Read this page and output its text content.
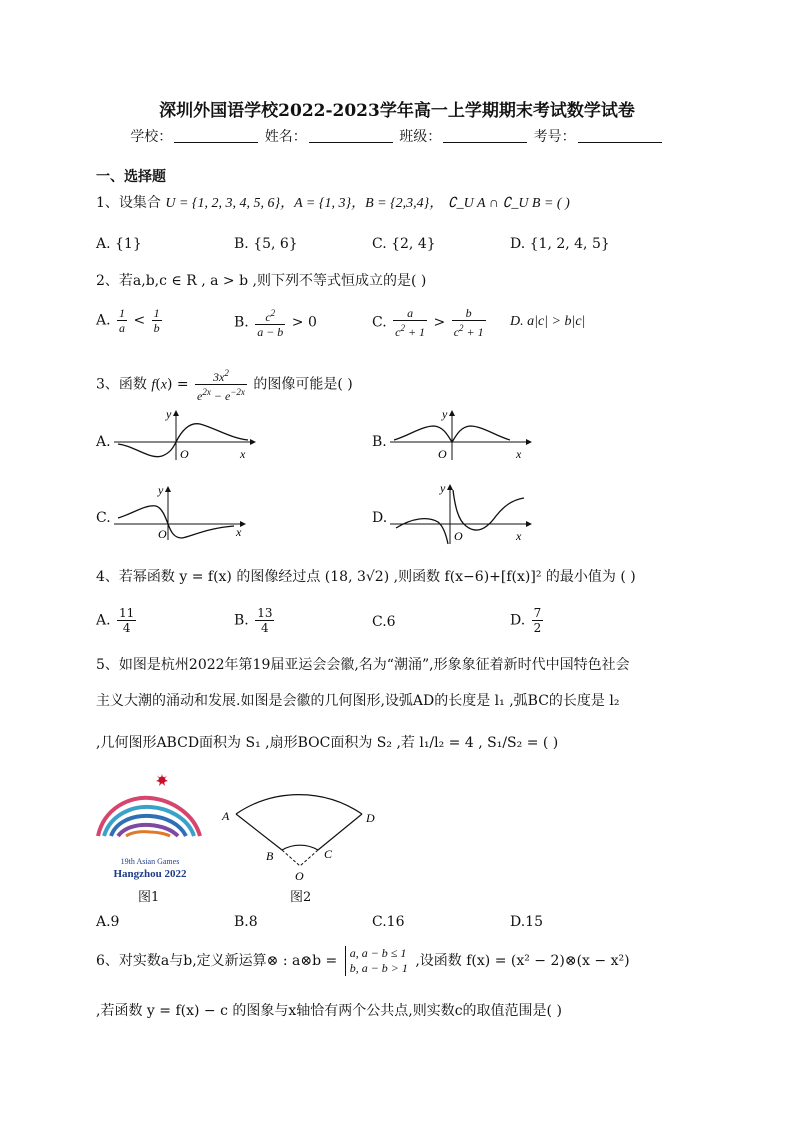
深圳外国语学校2022-2023学年高一上学期期末考试数学试卷
学校：	姓名：	班级：	考号：
一、选择题
1、设集合 U = {1, 2, 3, 4, 5, 6}，A = {1, 3}，B = {2,3,4}， ∁_U A ∩ ∁_U B = ( )
A. {1}	B. {5, 6}	C. {2, 4}	D. {1, 2, 4, 5}
2、若a,b,c ∈ R , a > b ,则下列不等式恒成立的是( )
A. $\frac{1}{a} < \frac{1}{b}$	B. $\frac{c^2}{a - b} > 0$	C. $\frac{a}{c^2 + 1} > \frac{b}{c^2 + 1} D$. a|c| > b|c|
3、函数 $f(x) = \frac{3x^2}{e^{2x} - e^{-2x}}$ 的图像可能是( )
A.
y
x
O
B.
y
x
O
C.
y
x
O
D.
y
x
O
4、若幂函数 y = f(x) 的图像经过点 (18, 3√2) ,则函数 f(x−6)+[f(x)]² 的最小值为 ( )
A. $\frac{11}{4}$	B. $\frac{13}{4}$	C.6	D. $\frac{7}{2}$
5、如图是杭州2022年第19届亚运会会徽,名为“潮涌”,形象象征着新时代中国特色社会
主义大潮的涌动和发展.如图是会徽的几何图形,设弧AD的长度是 l₁ ,弧BC的长度是 l₂
,几何图形ABCD面积为 S₁ ,扇形BOC面积为 S₂ ,若 l₁/l₂ = 4 , S₁/S₂ = ( )
19th Asian Games
Hangzhou 2022
图1
A	D
B	C
O
图2
A.9	B.8	C.16	D.15
6、对实数a与b,定义新运算⊗ : a⊗b = a, a − b ≤ 1
b, a − b > 1 ,设函数 f(x) = (x² − 2)⊗(x − x²)
,若函数 y = f(x) − c 的图象与x轴恰有两个公共点,则实数c的取值范围是( )
